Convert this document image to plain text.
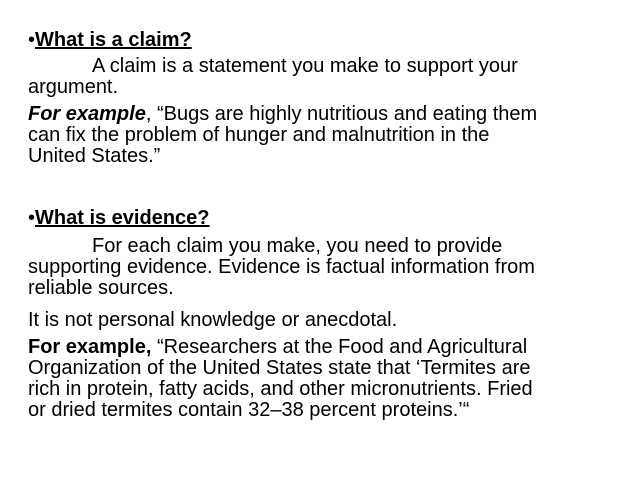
•What is a claim?
A claim is a statement you make to support your
argument.
For example, “Bugs are highly nutritious and eating them
can fix the problem of hunger and malnutrition in the
United States.”
•What is evidence?
For each claim you make, you need to provide
supporting evidence. Evidence is factual information from
reliable sources.
It is not personal knowledge or anecdotal.
For example, “Researchers at the Food and Agricultural
Organization of the United States state that ‘Termites are
rich in protein, fatty acids, and other micronutrients. Fried
or dried termites contain 32–38 percent proteins.’“
